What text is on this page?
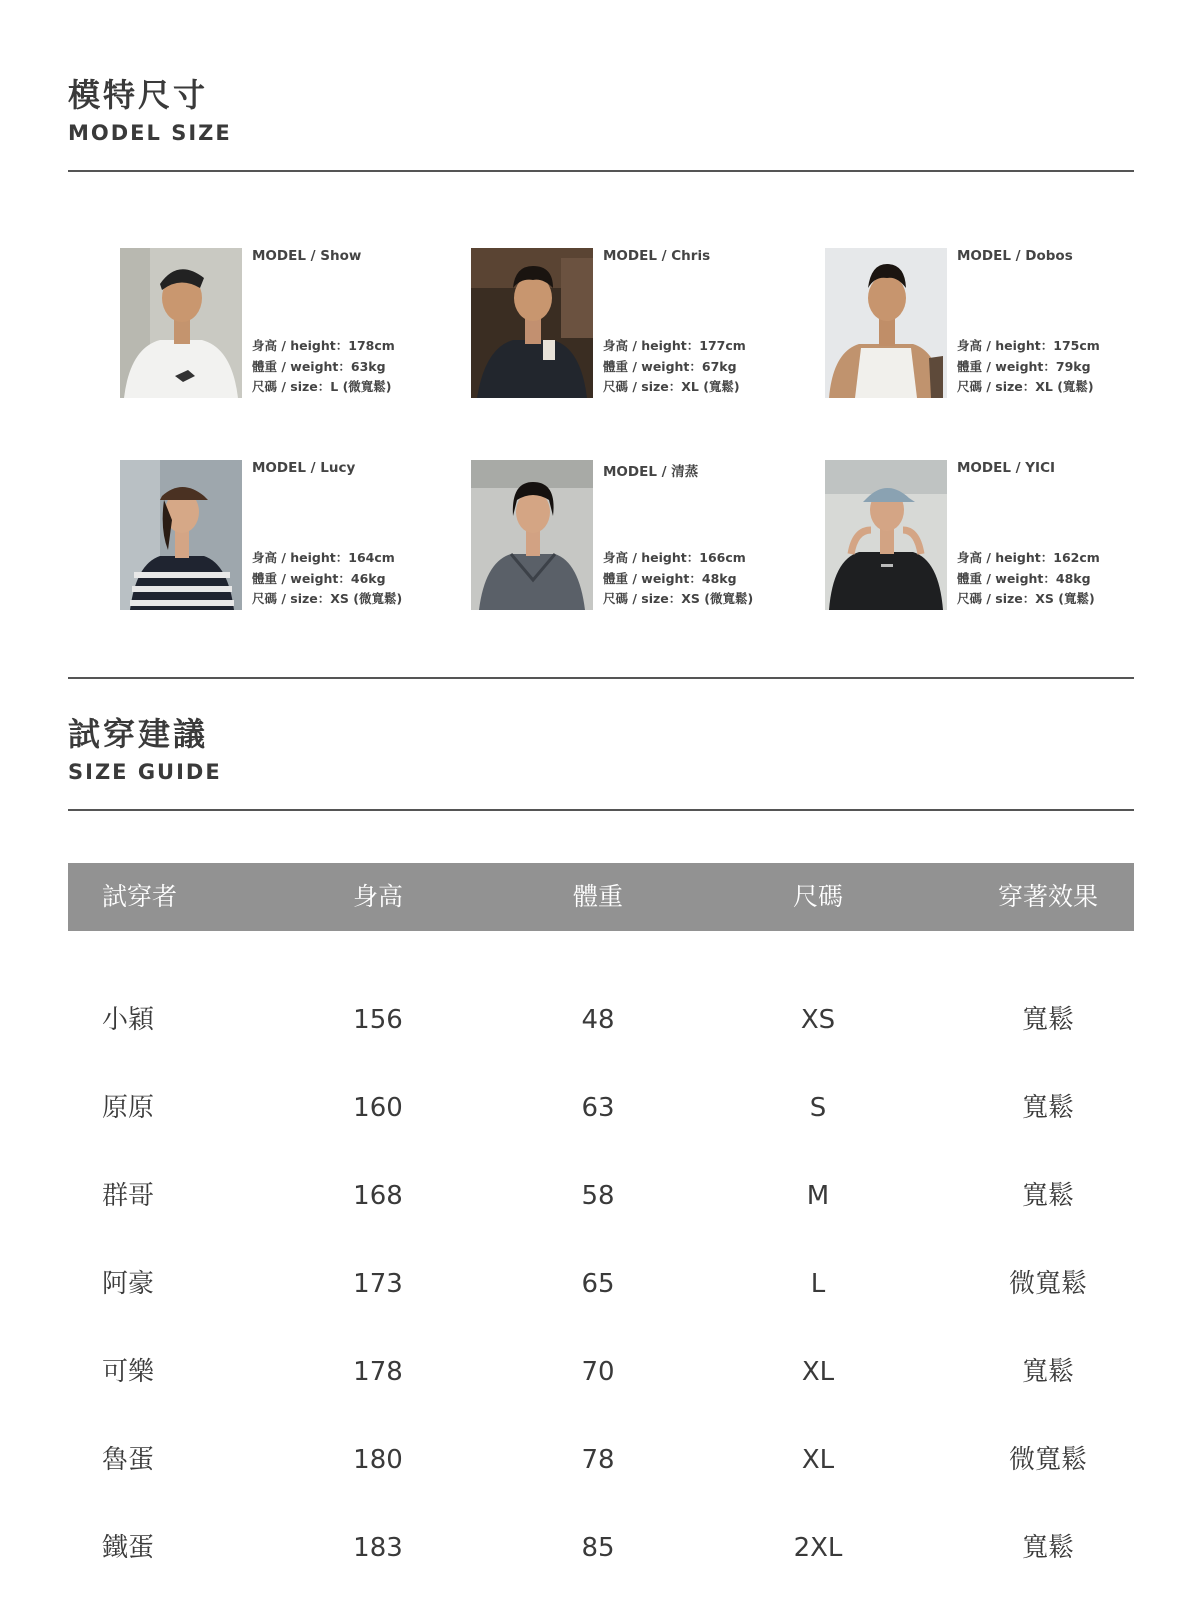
模特尺寸
MODEL SIZE
MODEL / Show
身高 / height：178cm
體重 / weight：63kg
尺碼 / size：L (微寬鬆)
MODEL / Chris
身高 / height：177cm
體重 / weight：67kg
尺碼 / size：XL (寬鬆)
MODEL / Dobos
身高 / height：175cm
體重 / weight：79kg
尺碼 / size：XL (寬鬆)
MODEL / Lucy
身高 / height：164cm
體重 / weight：46kg
尺碼 / size：XS (微寬鬆)
MODEL / 清蒸
身高 / height：166cm
體重 / weight：48kg
尺碼 / size：XS (微寬鬆)
MODEL / YICI
身高 / height：162cm
體重 / weight：48kg
尺碼 / size：XS (寬鬆)
試穿建議
SIZE GUIDE
試穿者	身高	體重	尺碼	穿著效果
小穎	156	48	XS	寬鬆
原原	160	63	S	寬鬆
群哥	168	58	M	寬鬆
阿豪	173	65	L	微寬鬆
可樂	178	70	XL	寬鬆
魯蛋	180	78	XL	微寬鬆
鐵蛋	183	85	2XL	寬鬆
